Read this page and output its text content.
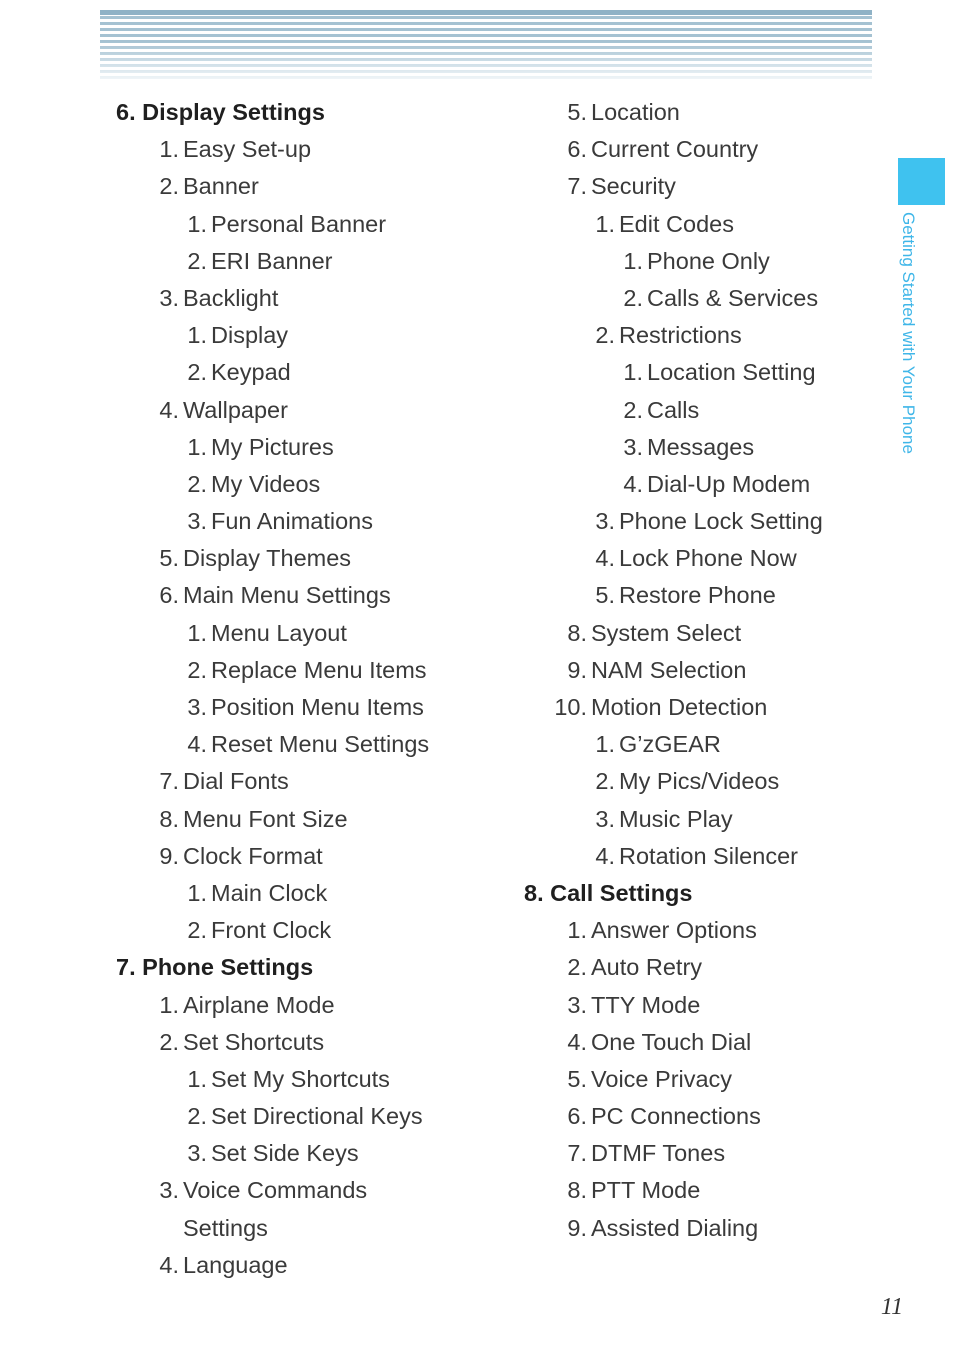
6. Display Settings
1. Easy Set-up
2. Banner
1. Personal Banner
2. ERI Banner
3. Backlight
1. Display
2. Keypad
4. Wallpaper
1. My Pictures
2. My Videos
3. Fun Animations
5. Display Themes
6. Main Menu Settings
1. Menu Layout
2. Replace Menu Items
3. Position Menu Items
4. Reset Menu Settings
7. Dial Fonts
8. Menu Font Size
9. Clock Format
1. Main Clock
2. Front Clock
7. Phone Settings
1. Airplane Mode
2. Set Shortcuts
1. Set My Shortcuts
2. Set Directional Keys
3. Set Side Keys
3. Voice Commands
Settings
4. Language
5. Location
6. Current Country
7. Security
1. Edit Codes
1. Phone Only
2. Calls & Services
2. Restrictions
1. Location Setting
2. Calls
3. Messages
4. Dial-Up Modem
3. Phone Lock Setting
4. Lock Phone Now
5. Restore Phone
8. System Select
9. NAM Selection
10. Motion Detection
1. G’zGEAR
2. My Pics/Videos
3. Music Play
4. Rotation Silencer
8. Call Settings
1. Answer Options
2. Auto Retry
3. TTY Mode
4. One Touch Dial
5. Voice Privacy
6. PC Connections
7. DTMF Tones
8. PTT Mode
9. Assisted Dialing
Getting Started with Your Phone
11
